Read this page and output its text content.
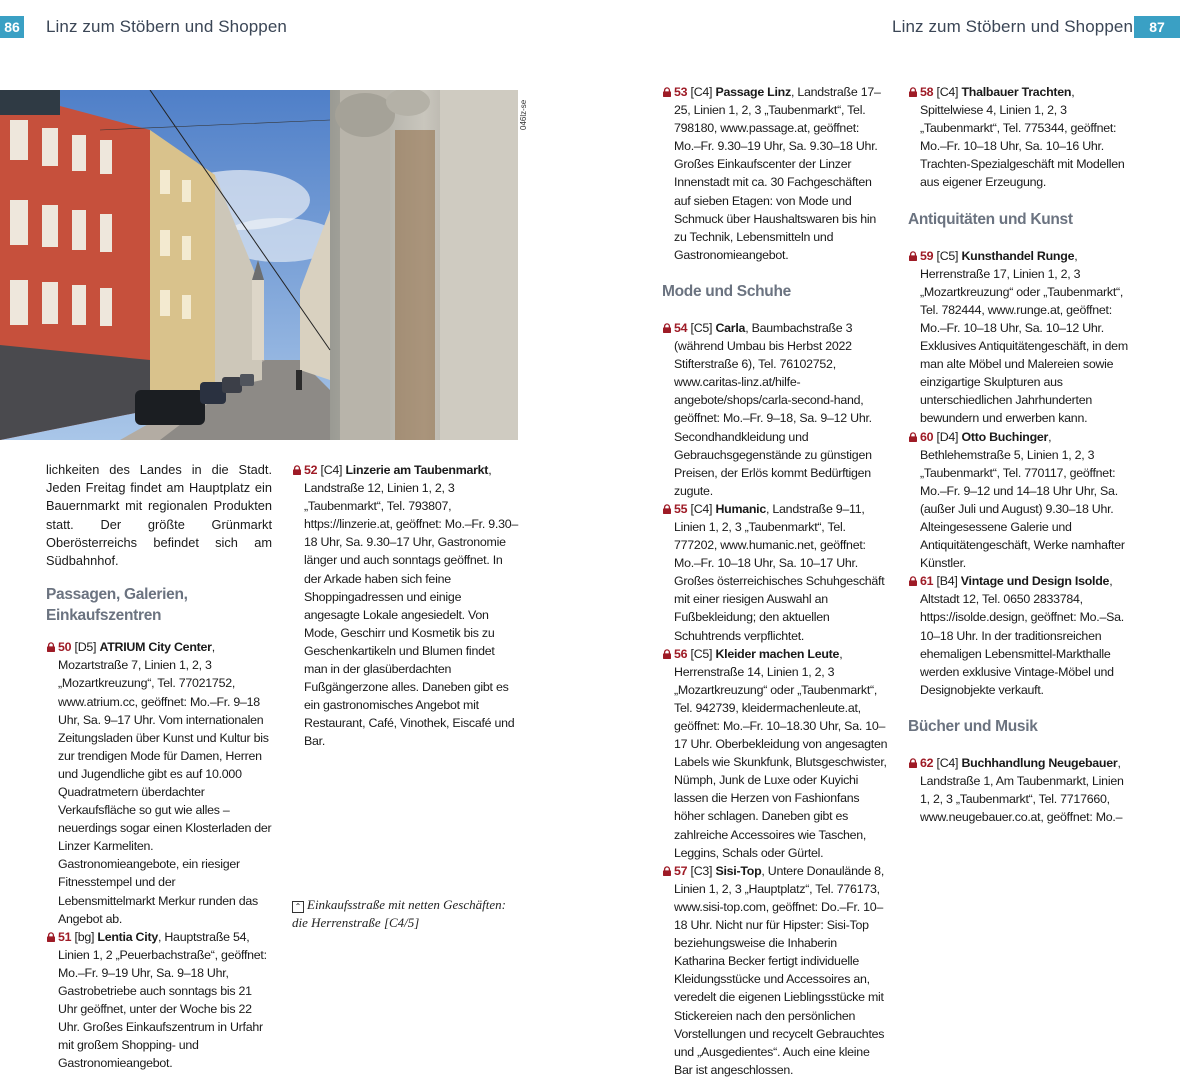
86 Linz zum Stöbern und Shoppen	Linz zum Stöbern und Shoppen	87
046lz-se

lichkeiten des Landes in die Stadt. Jeden Freitag findet am Hauptplatz ein Bauernmarkt mit regionalen Produkten statt. Der größte Grünmarkt Oberösterreichs befindet sich am Südbahnhof.

Passagen, Galerien, Einkaufszentren

50 [D5] ATRIUM City Center, Mozartstraße 7, Linien 1, 2, 3 „Mozartkreuzung“, Tel. 77021752, www.atrium.cc, geöffnet: Mo.–Fr. 9–18 Uhr, Sa. 9–17 Uhr. Vom internationalen Zeitungsladen über Kunst und Kultur bis zur trendigen Mode für Damen, Herren und Jugendliche gibt es auf 10.000 Quadratmetern überdachter Verkaufsfläche so gut wie alles – neuerdings sogar einen Klosterladen der Linzer Karmeliten. Gastronomieangebote, ein riesiger Fitnesstempel und der Lebensmittelmarkt Merkur runden das Angebot ab.

51 [bg] Lentia City, Hauptstraße 54, Linien 1, 2 „Peuerbachstraße“, geöffnet: Mo.–Fr. 9–19 Uhr, Sa. 9–18 Uhr, Gastrobetriebe auch sonntags bis 21 Uhr geöffnet, unter der Woche bis 22 Uhr. Großes Einkaufszentrum in Urfahr mit großem Shopping- und Gastronomieangebot.

52 [C4] Linzerie am Taubenmarkt, Landstraße 12, Linien 1, 2, 3 „Taubenmarkt“, Tel. 793807, https://linzerie.at, geöffnet: Mo.–Fr. 9.30–18 Uhr, Sa. 9.30–17 Uhr, Gastronomie länger und auch sonntags geöffnet. In der Arkade haben sich feine Shoppingadressen und einige angesagte Lokale angesiedelt. Von Mode, Geschirr und Kosmetik bis zu Geschenkartikeln und Blumen findet man in der glasüberdachten Fußgängerzone alles. Daneben gibt es ein gastronomisches Angebot mit Restaurant, Café, Vinothek, Eiscafé und Bar.

⌃ Einkaufsstraße mit netten Geschäften: die Herrenstraße [C4/5]

53 [C4] Passage Linz, Landstraße 17–25, Linien 1, 2, 3 „Taubenmarkt“, Tel. 798180, www.passage.at, geöffnet: Mo.–Fr. 9.30–19 Uhr, Sa. 9.30–18 Uhr. Großes Einkaufscenter der Linzer Innenstadt mit ca. 30 Fachgeschäften auf sieben Etagen: von Mode und Schmuck über Haushaltswaren bis hin zu Technik, Lebensmitteln und Gastronomieangebot.

Mode und Schuhe

54 [C5] Carla, Baumbachstraße 3 (während Umbau bis Herbst 2022 Stifterstraße 6), Tel. 76102752, www.caritas-linz.at/hilfe-angebote/shops/carla-second-hand, geöffnet: Mo.–Fr. 9–18, Sa. 9–12 Uhr. Secondhandkleidung und Gebrauchsgegenstände zu günstigen Preisen, der Erlös kommt Bedürftigen zugute.

55 [C4] Humanic, Landstraße 9–11, Linien 1, 2, 3 „Taubenmarkt“, Tel. 777202, www.humanic.net, geöffnet: Mo.–Fr. 10–18 Uhr, Sa. 10–17 Uhr. Großes österreichisches Schuhgeschäft mit einer riesigen Auswahl an Fußbekleidung; den aktuellen Schuhtrends verpflichtet.

56 [C5] Kleider machen Leute, Herrenstraße 14, Linien 1, 2, 3 „Mozartkreuzung“ oder „Taubenmarkt“, Tel. 942739, kleidermachenleute.at, geöffnet: Mo.–Fr. 10–18.30 Uhr, Sa. 10–17 Uhr. Oberbekleidung von angesagten Labels wie Skunkfunk, Blutsgeschwister, Nümph, Junk de Luxe oder Kuyichi lassen die Herzen von Fashionfans höher schlagen. Daneben gibt es zahlreiche Accessoires wie Taschen, Leggins, Schals oder Gürtel.

57 [C3] Sisi-Top, Untere Donaulände 8, Linien 1, 2, 3 „Hauptplatz“, Tel. 776173, www.sisi-top.com, geöffnet: Do.–Fr. 10–18 Uhr. Nicht nur für Hipster: Sisi-Top beziehungsweise die Inhaberin Katharina Becker fertigt individuelle Kleidungsstücke und Accessoires an, veredelt die eigenen Lieblingsstücke mit Stickereien nach den persönlichen Vorstellungen und recycelt Gebrauchtes und „Ausgedientes“. Auch eine kleine Bar ist angeschlossen.

58 [C4] Thalbauer Trachten, Spittelwiese 4, Linien 1, 2, 3 „Taubenmarkt“, Tel. 775344, geöffnet: Mo.–Fr. 10–18 Uhr, Sa. 10–16 Uhr. Trachten-Spezialgeschäft mit Modellen aus eigener Erzeugung.

Antiquitäten und Kunst

59 [C5] Kunsthandel Runge, Herrenstraße 17, Linien 1, 2, 3 „Mozartkreuzung“ oder „Taubenmarkt“, Tel. 782444, www.runge.at, geöffnet: Mo.–Fr. 10–18 Uhr, Sa. 10–12 Uhr. Exklusives Antiquitätengeschäft, in dem man alte Möbel und Malereien sowie einzigartige Skulpturen aus unterschiedlichen Jahrhunderten bewundern und erwerben kann.

60 [D4] Otto Buchinger, Bethlehemstraße 5, Linien 1, 2, 3 „Taubenmarkt“, Tel. 770117, geöffnet: Mo.–Fr. 9–12 und 14–18 Uhr Uhr, Sa. (außer Juli und August) 9.30–18 Uhr. Alteingesessene Galerie und Antiquitätengeschäft, Werke namhafter Künstler.

61 [B4] Vintage und Design Isolde, Altstadt 12, Tel. 0650 2833784, https://isolde.design, geöffnet: Mo.–Sa. 10–18 Uhr. In der traditionsreichen ehemaligen Lebensmittel-Markthalle werden exklusive Vintage-Möbel und Designobjekte verkauft.

Bücher und Musik

62 [C4] Buchhandlung Neugebauer, Landstraße 1, Am Taubenmarkt, Linien 1, 2, 3 „Taubenmarkt“, Tel. 7717660, www.neugebauer.co.at, geöffnet: Mo.–
